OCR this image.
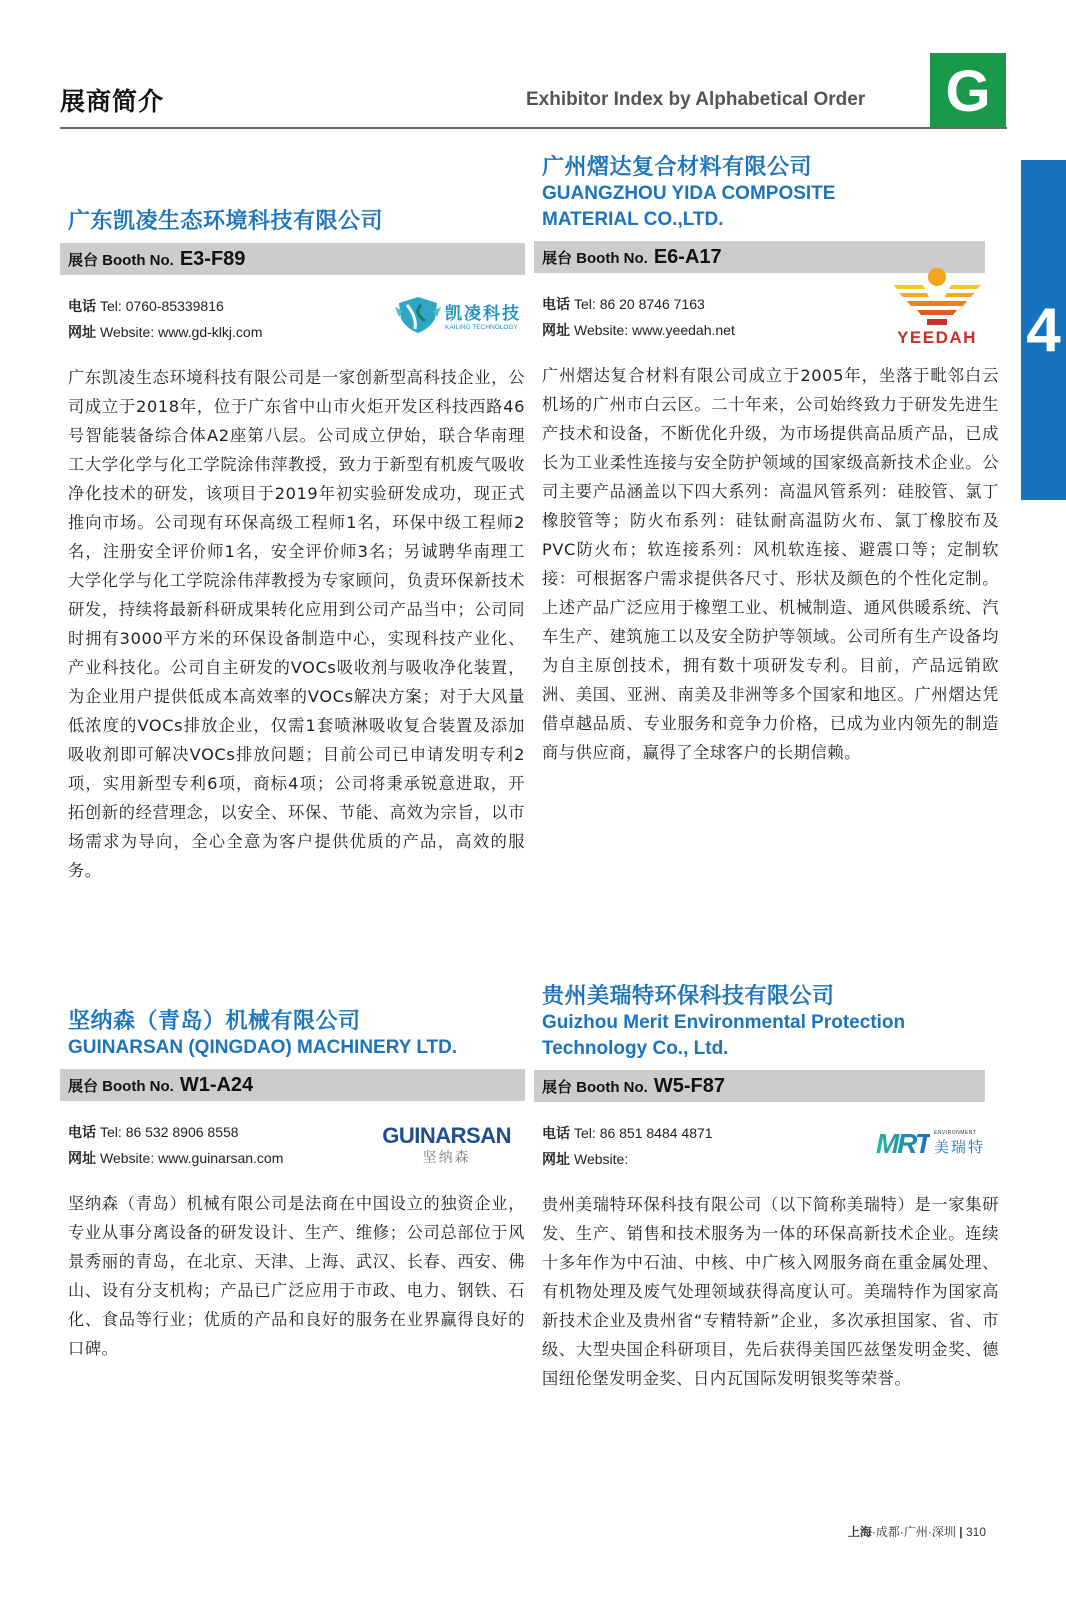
展商简介	Exhibitor Index by Alphabetical Order G
4
广东凯凌生态环境科技有限公司
展台 Booth No. E3-F89
电话 Tel: 0760-85339816
网址 Website: www.gd-klkj.com
凯凌科技
KAILING TECHNOLOGY
广东凯凌生态环境科技有限公司是一家创新型高科技企业，公司成立于2018年，位于广东省中山市火炬开发区科技西路46号智能装备综合体A2座第八层。公司成立伊始，联合华南理工大学化学与化工学院涂伟萍教授，致力于新型有机废气吸收净化技术的研发，该项目于2019年初实验研发成功，现正式推向市场。公司现有环保高级工程师1名，环保中级工程师2名，注册安全评价师1名，安全评价师3名；另诚聘华南理工大学化学与化工学院涂伟萍教授为专家顾问，负责环保新技术研发，持续将最新科研成果转化应用到公司产品当中；公司同时拥有3000平方米的环保设备制造中心，实现科技产业化、产业科技化。公司自主研发的VOCs吸收剂与吸收净化装置，为企业用户提供低成本高效率的VOCs解决方案；对于大风量低浓度的VOCs排放企业，仅需1套喷淋吸收复合装置及添加吸收剂即可解决VOCs排放问题；目前公司已申请发明专利2项，实用新型专利6项，商标4项；公司将秉承锐意进取，开拓创新的经营理念，以安全、环保、节能、高效为宗旨，以市场需求为导向，全心全意为客户提供优质的产品，高效的服务。
广州熠达复合材料有限公司
GUANGZHOU YIDA COMPOSITE MATERIAL CO.,LTD.
展台 Booth No. E6-A17
电话 Tel: 86 20 8746 7163
网址 Website: www.yeedah.net	YEEDAH
广州熠达复合材料有限公司成立于2005年，坐落于毗邻白云机场的广州市白云区。二十年来，公司始终致力于研发先进生产技术和设备，不断优化升级，为市场提供高品质产品，已成长为工业柔性连接与安全防护领域的国家级高新技术企业。公司主要产品涵盖以下四大系列：高温风管系列：硅胶管、氯丁橡胶管等；防火布系列：硅钛耐高温防火布、氯丁橡胶布及PVC防火布；软连接系列：风机软连接、避震口等；定制软接：可根据客户需求提供各尺寸、形状及颜色的个性化定制。上述产品广泛应用于橡塑工业、机械制造、通风供暖系统、汽车生产、建筑施工以及安全防护等领域。公司所有生产设备均为自主原创技术，拥有数十项研发专利。目前，产品远销欧洲、美国、亚洲、南美及非洲等多个国家和地区。广州熠达凭借卓越品质、专业服务和竞争力价格，已成为业内领先的制造商与供应商，赢得了全球客户的长期信赖。
坚纳森（青岛）机械有限公司
GUINARSAN (QINGDAO) MACHINERY LTD.
展台 Booth No. W1-A24
电话 Tel: 86 532 8906 8558
网址 Website: www.guinarsan.com
GUINARSAN
坚纳森
坚纳森（青岛）机械有限公司是法商在中国设立的独资企业，专业从事分离设备的研发设计、生产、维修；公司总部位于风景秀丽的青岛，在北京、天津、上海、武汉、长春、西安、佛山、设有分支机构；产品已广泛应用于市政、电力、钢铁、石化、食品等行业；优质的产品和良好的服务在业界赢得良好的口碑。
贵州美瑞特环保科技有限公司
Guizhou Merit Environmental Protection Technology Co., Ltd.
展台 Booth No. W5-F87
电话 Tel: 86 851 8484 4871
网址 Website:	MRT ENVIRONMENT
美瑞特
贵州美瑞特环保科技有限公司（以下简称美瑞特）是一家集研发、生产、销售和技术服务为一体的环保高新技术企业。连续十多年作为中石油、中核、中广核入网服务商在重金属处理、有机物处理及废气处理领域获得高度认可。美瑞特作为国家高新技术企业及贵州省“专精特新”企业，多次承担国家、省、市级、大型央国企科研项目，先后获得美国匹兹堡发明金奖、德国纽伦堡发明金奖、日内瓦国际发明银奖等荣誉。
上海·成都·广州·深圳 | 310
